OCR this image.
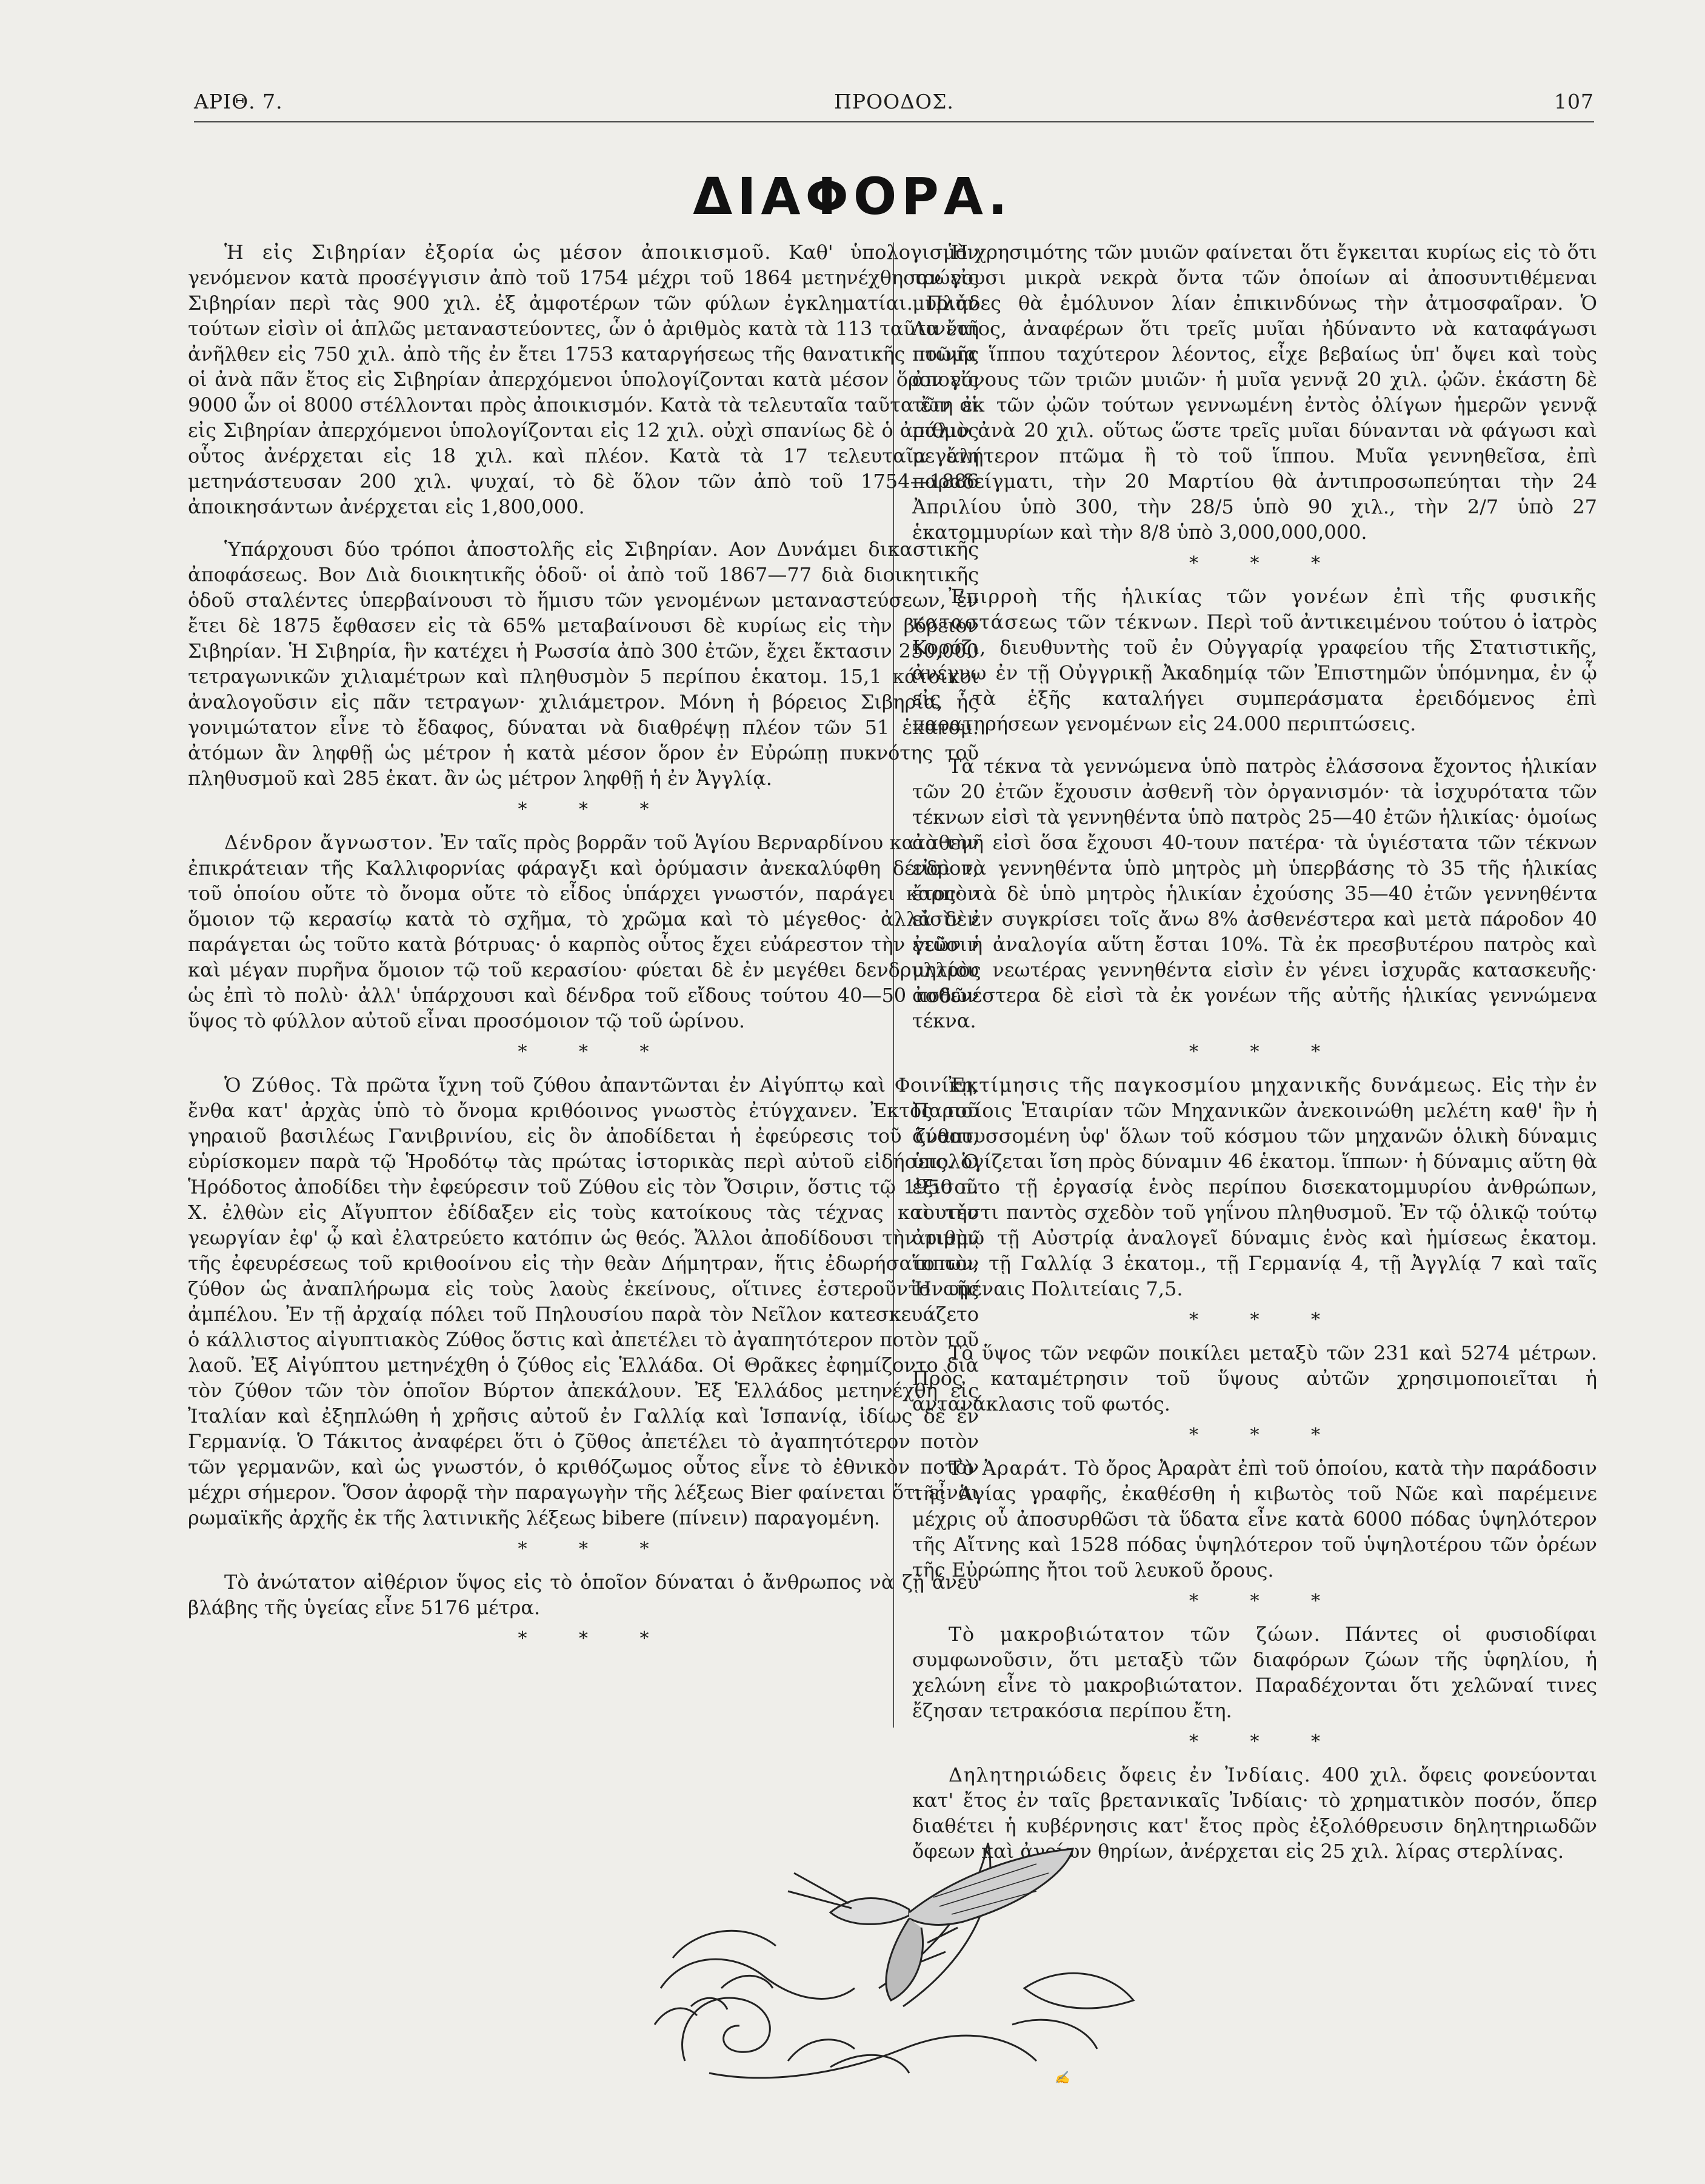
ΑΡΙΘ. 7.	ΠΡΟΟΔΟΣ.	107
ΔΙΑΦΟΡΑ.

Ἡ εἰς Σιβηρίαν ἐξορία ὡς μέσον ἀποικισμοῦ. Καθ' ὑπολογισμὸν γενόμενον κατὰ προσέγγισιν ἀπὸ τοῦ 1754 μέχρι τοῦ 1864 μετηνέχθησαν εἰς Σιβηρίαν περὶ τὰς 900 χιλ. ἐξ ἀμφοτέρων τῶν φύλων ἐγκληματίαι. Πλὴν τούτων εἰσὶν οἱ ἁπλῶς μεταναστεύοντες, ὧν ὁ ἀριθμὸς κατὰ τὰ 113 ταῦτα ἔτη ἀνῆλθεν εἰς 750 χιλ. ἀπὸ τῆς ἐν ἔτει 1753 καταργήσεως τῆς θανατικῆς ποινῆς οἱ ἀνὰ πᾶν ἔτος εἰς Σιβηρίαν ἀπερχόμενοι ὑπολογίζονται κατὰ μέσον ὅρον εἰς 9000 ὧν οἱ 8000 στέλλονται πρὸς ἀποικισμόν. Κατὰ τὰ τελευταῖα ταῦτα ἔτη οἱ εἰς Σιβηρίαν ἀπερχόμενοι ὑπολογίζονται εἰς 12 χιλ. οὐχὶ σπανίως δὲ ὁ ἀριθμὸς οὗτος ἀνέρχεται εἰς 18 χιλ. καὶ πλέον. Κατὰ τὰ 17 τελευταῖα ἔτη μετηνάστευσαν 200 χιλ. ψυχαί, τὸ δὲ ὅλον τῶν ἀπὸ τοῦ 1754—1886 ἀποικησάντων ἀνέρχεται εἰς 1,800,000.

Ὑπάρχουσι δύο τρόποι ἀποστολῆς εἰς Σιβηρίαν. Αον Δυνάμει δικαστικῆς ἀποφάσεως. Βον Διὰ διοικητικῆς ὁδοῦ· οἱ ἀπὸ τοῦ 1867—77 διὰ διοικητικῆς ὁδοῦ σταλέντες ὑπερβαίνουσι τὸ ἥμισυ τῶν γενομένων μεταναστεύσεων, ἐν ἔτει δὲ 1875 ἔφθασεν εἰς τὰ 65% μεταβαίνουσι δὲ κυρίως εἰς τὴν βόρειον Σιβηρίαν. Ἡ Σιβηρία, ἣν κατέχει ἡ Ρωσσία ἀπὸ 300 ἐτῶν, ἔχει ἔκτασιν 250,000 τετραγωνικῶν χιλιαμέτρων καὶ πληθυσμὸν 5 περίπου ἑκατομ. 15,1 κάτοικοι ἀναλογοῦσιν εἰς πᾶν τετραγων· χιλιάμετρον. Μόνη ἡ βόρειος Σιβηρία, ἧς γονιμώτατον εἶνε τὸ ἔδαφος, δύναται νὰ διαθρέψῃ πλέον τῶν 51 ἑκατομ. ἀτόμων ἂν ληφθῇ ὡς μέτρον ἡ κατὰ μέσον ὅρον ἐν Εὐρώπῃ πυκνότης τοῦ πληθυσμοῦ καὶ 285 ἑκατ. ἂν ὡς μέτρον ληφθῇ ἡ ἐν Ἀγγλίᾳ.

* * *

Δένδρον ἄγνωστον. Ἐν ταῖς πρὸς βορρᾶν τοῦ Ἁγίου Βερναρδίνου κατὰ τὴν ἐπικράτειαν τῆς Καλλιφορνίας φάραγξι καὶ ὀρύμασιν ἀνεκαλύφθη δένδρον, τοῦ ὁποίου οὔτε τὸ ὄνομα οὔτε τὸ εἶδος ὑπάρχει γνωστόν, παράγει καρπὸν ὅμοιον τῷ κερασίῳ κατὰ τὸ σχῆμα, τὸ χρῶμα καὶ τὸ μέγεθος· ἀλλὰ δὲν παράγεται ὡς τοῦτο κατὰ βότρυας· ὁ καρπὸς οὗτος ἔχει εὐάρεστον τὴν γεῦσιν καὶ μέγαν πυρῆνα ὅμοιον τῷ τοῦ κερασίου· φύεται δὲ ἐν μεγέθει δενδρυλλίου ὡς ἐπὶ τὸ πολὺ· ἀλλ' ὑπάρχουσι καὶ δένδρα τοῦ εἴδους τούτου 40—50 ποδῶν ὕψος τὸ φύλλον αὐτοῦ εἶναι προσόμοιον τῷ τοῦ ὡρίνου.

* * *

Ὁ Ζύθος. Τὰ πρῶτα ἴχνη τοῦ ζύθου ἀπαντῶνται ἐν Αἰγύπτῳ καὶ Φοινίκῃ, ἔνθα κατ' ἀρχὰς ὑπὸ τὸ ὄνομα κριθόοινος γνωστὸς ἐτύγχανεν. Ἐκτὸς τοῦ γηραιοῦ βασιλέως Γανιβρινίου, εἰς ὃν ἀποδίδεται ἡ ἐφεύρεσις τοῦ ζύθου, εὑρίσκομεν παρὰ τῷ Ἡροδότῳ τὰς πρώτας ἱστορικὰς περὶ αὐτοῦ εἰδήσεις. Ὁ Ἡρόδοτος ἀποδίδει τὴν ἐφεύρεσιν τοῦ Ζύθου εἰς τὸν Ὄσιριν, ὅστις τῷ 1950 π. Χ. ἐλθὼν εἰς Αἴγυπτον ἐδίδαξεν εἰς τοὺς κατοίκους τὰς τέχνας καὶ τὴν γεωργίαν ἐφ' ᾧ καὶ ἐλατρεύετο κατόπιν ὡς θεός. Ἄλλοι ἀποδίδουσι τὴν τιμὴν τῆς ἐφευρέσεως τοῦ κριθοοίνου εἰς τὴν θεὰν Δήμητραν, ἥτις ἐδωρήσατο τὸν ζύθον ὡς ἀναπλήρωμα εἰς τοὺς λαοὺς ἐκείνους, οἵτινες ἐστεροῦντο τῆς ἀμπέλου. Ἐν τῇ ἀρχαίᾳ πόλει τοῦ Πηλουσίου παρὰ τὸν Νεῖλον κατεσκευάζετο ὁ κάλλιστος αἰγυπτιακὸς Ζύθος ὅστις καὶ ἀπετέλει τὸ ἀγαπητότερον ποτὸν τοῦ λαοῦ. Ἐξ Αἰγύπτου μετηνέχθη ὁ ζύθος εἰς Ἑλλάδα. Οἱ Θρᾶκες ἐφημίζοντο διὰ τὸν ζύθον τῶν τὸν ὁποῖον Βύρτον ἀπεκάλουν. Ἐξ Ἑλλάδος μετηνέχθη εἰς Ἰταλίαν καὶ ἐξηπλώθη ἡ χρῆσις αὐτοῦ ἐν Γαλλίᾳ καὶ Ἱσπανίᾳ, ἰδίως δὲ ἐν Γερμανίᾳ. Ὁ Τάκιτος ἀναφέρει ὅτι ὁ ζῦθος ἀπετέλει τὸ ἀγαπητότερον ποτὸν τῶν γερμανῶν, καὶ ὡς γνωστόν, ὁ κριθόζωμος οὗτος εἶνε τὸ ἐθνικὸν ποτὸν μέχρι σήμερον. Ὅσον ἀφορᾷ τὴν παραγωγὴν τῆς λέξεως Bier φαίνεται ὅτι εἶναι ρωμαϊκῆς ἀρχῆς ἐκ τῆς λατινικῆς λέξεως bibere (πίνειν) παραγομένη.

* * *

Τὸ ἀνώτατον αἰθέριον ὕψος εἰς τὸ ὁποῖον δύναται ὁ ἄνθρωπος νὰ ζῇ ἄνευ βλάβης τῆς ὑγείας εἶνε 5176 μέτρα.

* * *

Ἡ χρησιμότης τῶν μυιῶν φαίνεται ὅτι ἔγκειται κυρίως εἰς τὸ ὅτι τρώγουσι μικρὰ νεκρὰ ὄντα τῶν ὁποίων αἱ ἀποσυντιθέμεναι μυριάδες θὰ ἐμόλυνον λίαν ἐπικινδύνως τὴν ἀτμοσφαῖραν. Ὁ Λινναῖος, ἀναφέρων ὅτι τρεῖς μυῖαι ἠδύναντο νὰ καταφάγωσι πτῶμα ἵππου ταχύτερον λέοντος, εἶχε βεβαίως ὑπ' ὄψει καὶ τοὺς ἀπογόνους τῶν τριῶν μυιῶν· ἡ μυῖα γεννᾷ 20 χιλ. ᾠῶν. ἑκάστη δὲ τῶν ἐκ τῶν ᾠῶν τούτων γεννωμένη ἐντὸς ὀλίγων ἡμερῶν γεννᾷ πάλιν ἀνὰ 20 χιλ. οὕτως ὥστε τρεῖς μυῖαι δύνανται νὰ φάγωσι καὶ μεγαλήτερον πτῶμα ἢ τὸ τοῦ ἵππου. Μυῖα γεννηθεῖσα, ἐπὶ παραδείγματι, τὴν 20 Μαρτίου θὰ ἀντιπροσωπεύηται τὴν 24 Ἀπριλίου ὑπὸ 300, τὴν 28/5 ὑπὸ 90 χιλ., τὴν 2/7 ὑπὸ 27 ἑκατομμυρίων καὶ τὴν 8/8 ὑπὸ 3,000,000,000.

* * *

Ἐπιρροὴ τῆς ἡλικίας τῶν γονέων ἐπὶ τῆς φυσικῆς καταστάσεως τῶν τέκνων. Περὶ τοῦ ἀντικειμένου τούτου ὁ ἰατρὸς Κορόζι, διευθυντὴς τοῦ ἐν Οὐγγαρίᾳ γραφείου τῆς Στατιστικῆς, ἀνέγνω ἐν τῇ Οὐγγρικῇ Ἀκαδημίᾳ τῶν Ἐπιστημῶν ὑπόμνημα, ἐν ᾧ εἰς τὰ ἑξῆς καταλήγει συμπεράσματα ἐρειδόμενος ἐπὶ παρατηρήσεων γενομένων εἰς 24.000 περιπτώσεις.

Τὰ τέκνα τὰ γεννώμενα ὑπὸ πατρὸς ἐλάσσονα ἔχοντος ἡλικίαν τῶν 20 ἐτῶν ἔχουσιν ἀσθενῆ τὸν ὀργανισμόν· τὰ ἰσχυρότατα τῶν τέκνων εἰσὶ τὰ γεννηθέντα ὑπὸ πατρὸς 25—40 ἐτῶν ἡλικίας· ὁμοίως ἀσθενῆ εἰσὶ ὅσα ἔχουσι 40-τουν πατέρα· τὰ ὑγιέστατα τῶν τέκνων εἰσὶ τὰ γεννηθέντα ὑπὸ μητρὸς μὴ ὑπερβάσης τὸ 35 τῆς ἡλικίας ἔτος· τὰ δὲ ὑπὸ μητρὸς ἡλικίαν ἐχούσης 35—40 ἐτῶν γεννηθέντα εἰσὶν ἐν συγκρίσει τοῖς ἄνω 8% ἀσθενέστερα καὶ μετὰ πάροδον 40 ἐτῶν ἡ ἀναλογία αὕτη ἔσται 10%. Τὰ ἐκ πρεσβυτέρου πατρὸς καὶ μητρὸς νεωτέρας γεννηθέντα εἰσὶν ἐν γένει ἰσχυρᾶς κατασκευῆς· ἀσθενέστερα δὲ εἰσὶ τὰ ἐκ γονέων τῆς αὐτῆς ἡλικίας γεννώμενα τέκνα.

* * *

Ἐκτίμησις τῆς παγκοσμίου μηχανικῆς δυνάμεως. Εἰς τὴν ἐν Παρισίοις Ἑταιρίαν τῶν Μηχανικῶν ἀνεκοινώθη μελέτη καθ' ἣν ἡ ἀναπτυσσομένη ὑφ' ὅλων τοῦ κόσμου τῶν μηχανῶν ὁλικὴ δύναμις ὑπολογίζεται ἴση πρὸς δύναμιν 46 ἑκατομ. ἵππων· ἡ δύναμις αὕτη θὰ ἐξισοῦτο τῇ ἐργασίᾳ ἑνὸς περίπου δισεκατομμυρίου ἀνθρώπων, τουτέστι παντὸς σχεδὸν τοῦ γηΐνου πληθυσμοῦ. Ἐν τῷ ὁλικῷ τούτῳ ἀριθμῷ τῇ Αὐστρίᾳ ἀναλογεῖ δύναμις ἑνὸς καὶ ἡμίσεως ἑκατομ. ἵππων, τῇ Γαλλίᾳ 3 ἑκατομ., τῇ Γερμανίᾳ 4, τῇ Ἀγγλίᾳ 7 καὶ ταῖς Ἡνωμέναις Πολιτείαις 7,5.

* * *

Τὸ ὕψος τῶν νεφῶν ποικίλει μεταξὺ τῶν 231 καὶ 5274 μέτρων. Πρὸς καταμέτρησιν τοῦ ὕψους αὐτῶν χρησιμοποιεῖται ἡ ἀντανάκλασις τοῦ φωτός.

* * *

Τὸ Ἀραράτ. Τὸ ὄρος Ἀραρὰτ ἐπὶ τοῦ ὁποίου, κατὰ τὴν παράδοσιν τῆς Ἁγίας γραφῆς, ἐκαθέσθη ἡ κιβωτὸς τοῦ Νῶε καὶ παρέμεινε μέχρις οὗ ἀποσυρθῶσι τὰ ὕδατα εἶνε κατὰ 6000 πόδας ὑψηλότερον τῆς Αἴτνης καὶ 1528 πόδας ὑψηλότερον τοῦ ὑψηλοτέρου τῶν ὀρέων τῆς Εὐρώπης ἤτοι τοῦ λευκοῦ ὄρους.

* * *

Τὸ μακροβιώτατον τῶν ζώων. Πάντες οἱ φυσιοδίφαι συμφωνοῦσιν, ὅτι μεταξὺ τῶν διαφόρων ζώων τῆς ὑφηλίου, ἡ χελώνη εἶνε τὸ μακροβιώτατον. Παραδέχονται ὅτι χελῶναί τινες ἔζησαν τετρακόσια περίπου ἔτη.

* * *

Δηλητηριώδεις ὄφεις ἐν Ἰνδίαις. 400 χιλ. ὄφεις φονεύονται κατ' ἔτος ἐν ταῖς βρετανικαῖς Ἰνδίαις· τὸ χρηματικὸν ποσόν, ὅπερ διαθέτει ἡ κυβέρνησις κατ' ἔτος πρὸς ἐξολόθρευσιν δηλητηριωδῶν ὄφεων καὶ ἀγρίων θηρίων, ἀνέρχεται εἰς 25 χιλ. λίρας στερλίνας.

✍
